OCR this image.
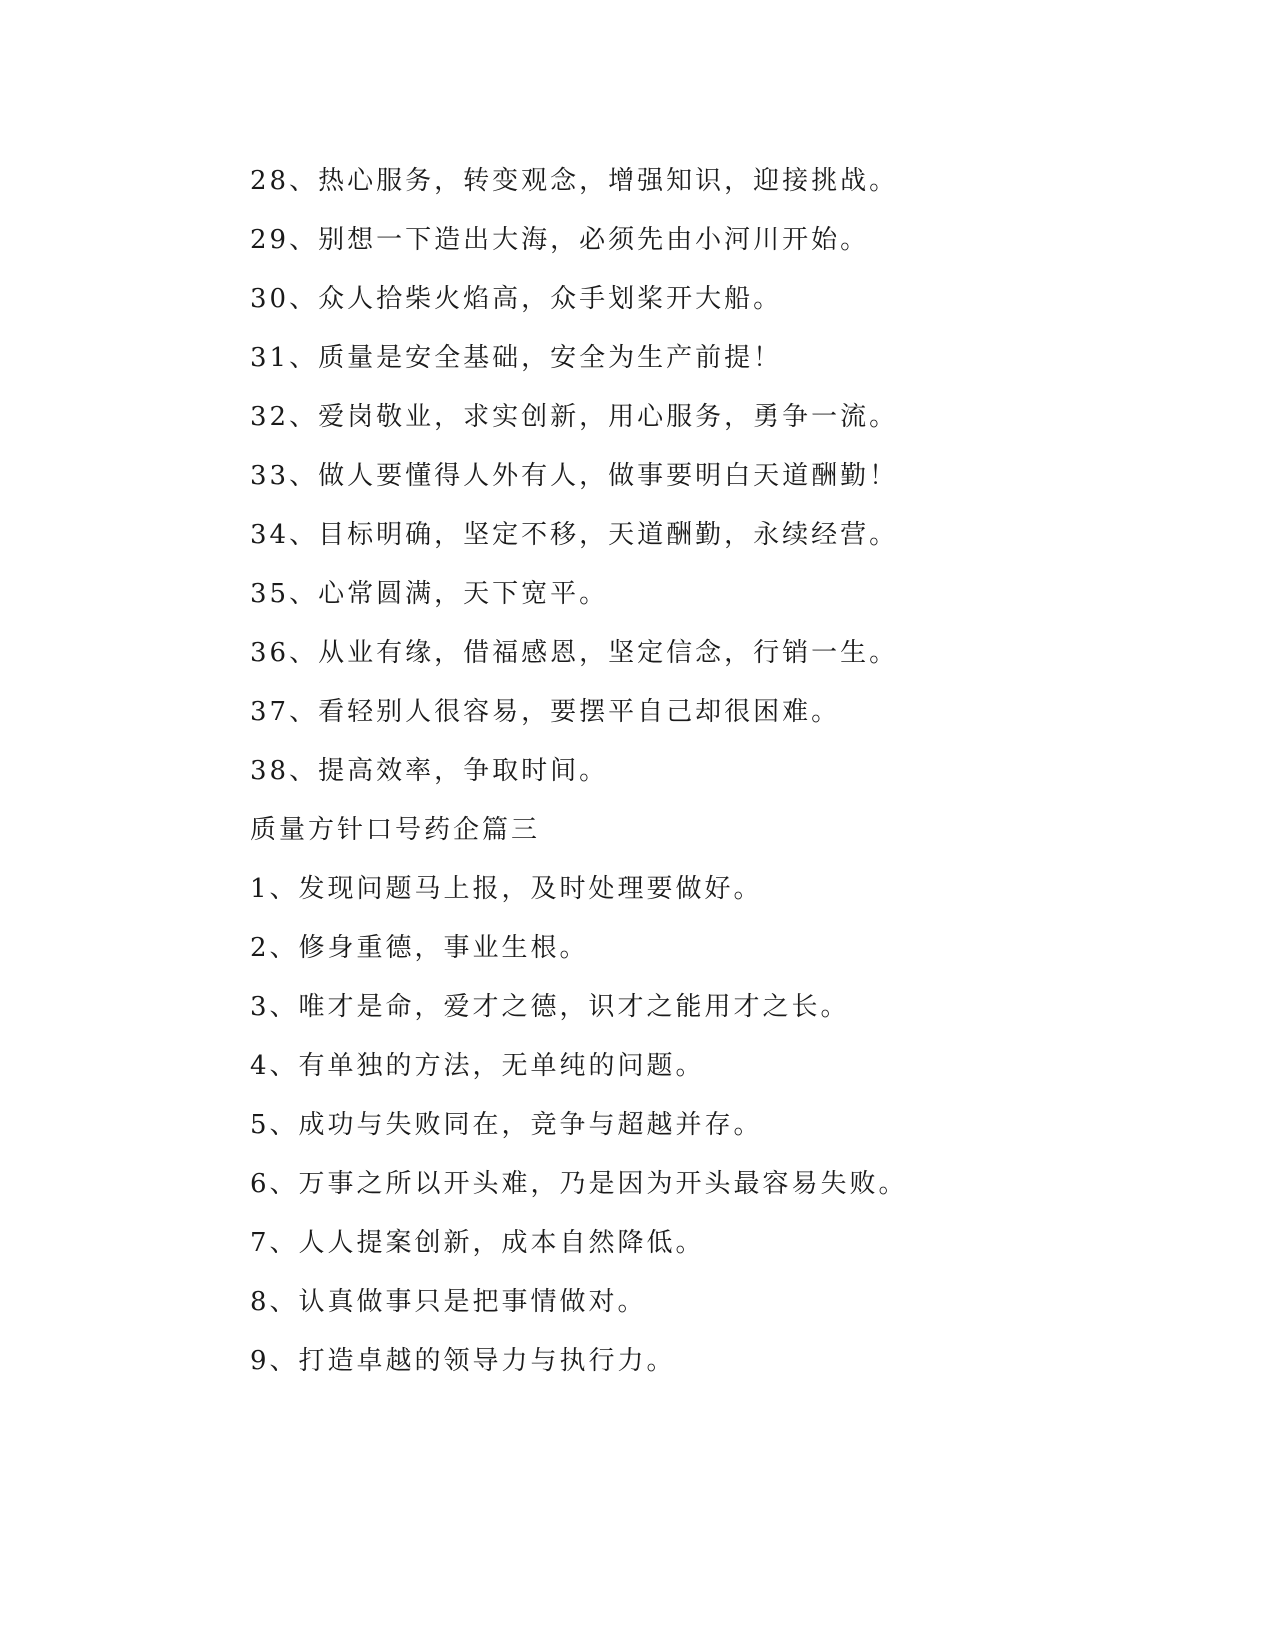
28、热心服务，转变观念，增强知识，迎接挑战。
29、别想一下造出大海，必须先由小河川开始。
30、众人拾柴火焰高，众手划桨开大船。
31、质量是安全基础，安全为生产前提！
32、爱岗敬业，求实创新，用心服务，勇争一流。
33、做人要懂得人外有人，做事要明白天道酬勤！
34、目标明确，坚定不移，天道酬勤，永续经营。
35、心常圆满，天下宽平。
36、从业有缘，借福感恩，坚定信念，行销一生。
37、看轻别人很容易，要摆平自己却很困难。
38、提高效率，争取时间。
质量方针口号药企篇三
1、发现问题马上报，及时处理要做好。
2、修身重德，事业生根。
3、唯才是命，爱才之德，识才之能用才之长。
4、有单独的方法，无单纯的问题。
5、成功与失败同在，竞争与超越并存。
6、万事之所以开头难，乃是因为开头最容易失败。
7、人人提案创新，成本自然降低。
8、认真做事只是把事情做对。
9、打造卓越的领导力与执行力。
